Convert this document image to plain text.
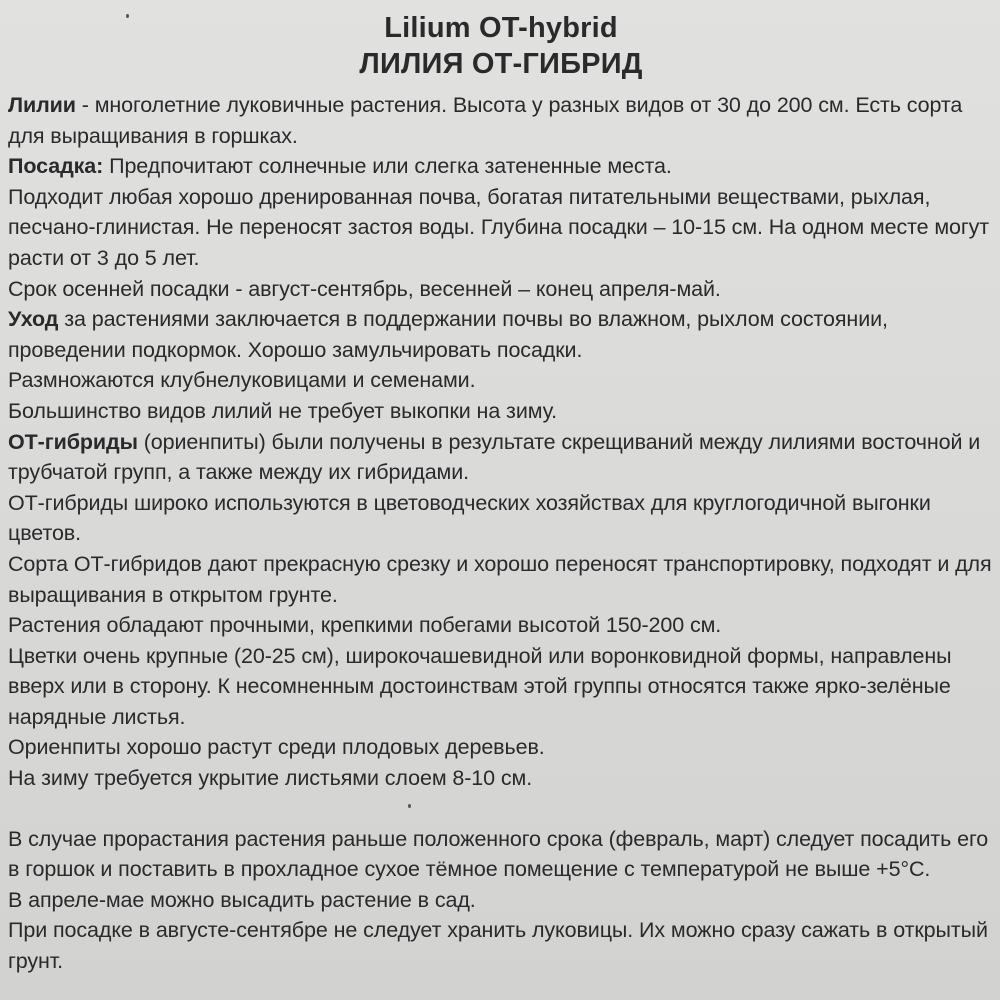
Lilium OT-hybrid
ЛИЛИЯ ОТ-ГИБРИД

Лилии - многолетние луковичные растения. Высота у разных видов от 30 до 200 см. Есть сорта для выращивания в горшках.

Посадка: Предпочитают солнечные или слегка затененные места.

Подходит любая хорошо дренированная почва, богатая питательными веществами, рыхлая, песчано-глинистая. Не переносят застоя воды. Глубина посадки – 10-15 см. На одном месте могут расти от 3 до 5 лет.

Срок осенней посадки - август-сентябрь, весенней – конец апреля-май.

Уход за растениями заключается в поддержании почвы во влажном, рыхлом состоянии, проведении подкормок. Хорошо замульчировать посадки.

Размножаются клубнелуковицами и семенами.

Большинство видов лилий не требует выкопки на зиму.

ОТ-гибриды (ориенпиты) были получены в результате скрещиваний между лилиями восточной и трубчатой групп, а также между их гибридами.

ОТ-гибриды широко используются в цветоводческих хозяйствах для круглогодичной выгонки цветов.

Сорта ОТ-гибридов дают прекрасную срезку и хорошо переносят транспортировку, подходят и для выращивания в открытом грунте.

Растения обладают прочными, крепкими побегами высотой 150-200 см.

Цветки очень крупные (20-25 см), широкочашевидной или воронковидной формы, направлены вверх или в сторону. К несомненным достоинствам этой группы относятся также ярко-зелёные нарядные листья.

Ориенпиты хорошо растут среди плодовых деревьев.

На зиму требуется укрытие листьями слоем 8-10 см.

В случае прорастания растения раньше положенного срока (февраль, март) следует посадить его в горшок и поставить в прохладное сухое тёмное помещение с температурой не выше +5°С.

В апреле-мае можно высадить растение в сад.

При посадке в августе-сентябре не следует хранить луковицы. Их можно сразу сажать в открытый грунт.
